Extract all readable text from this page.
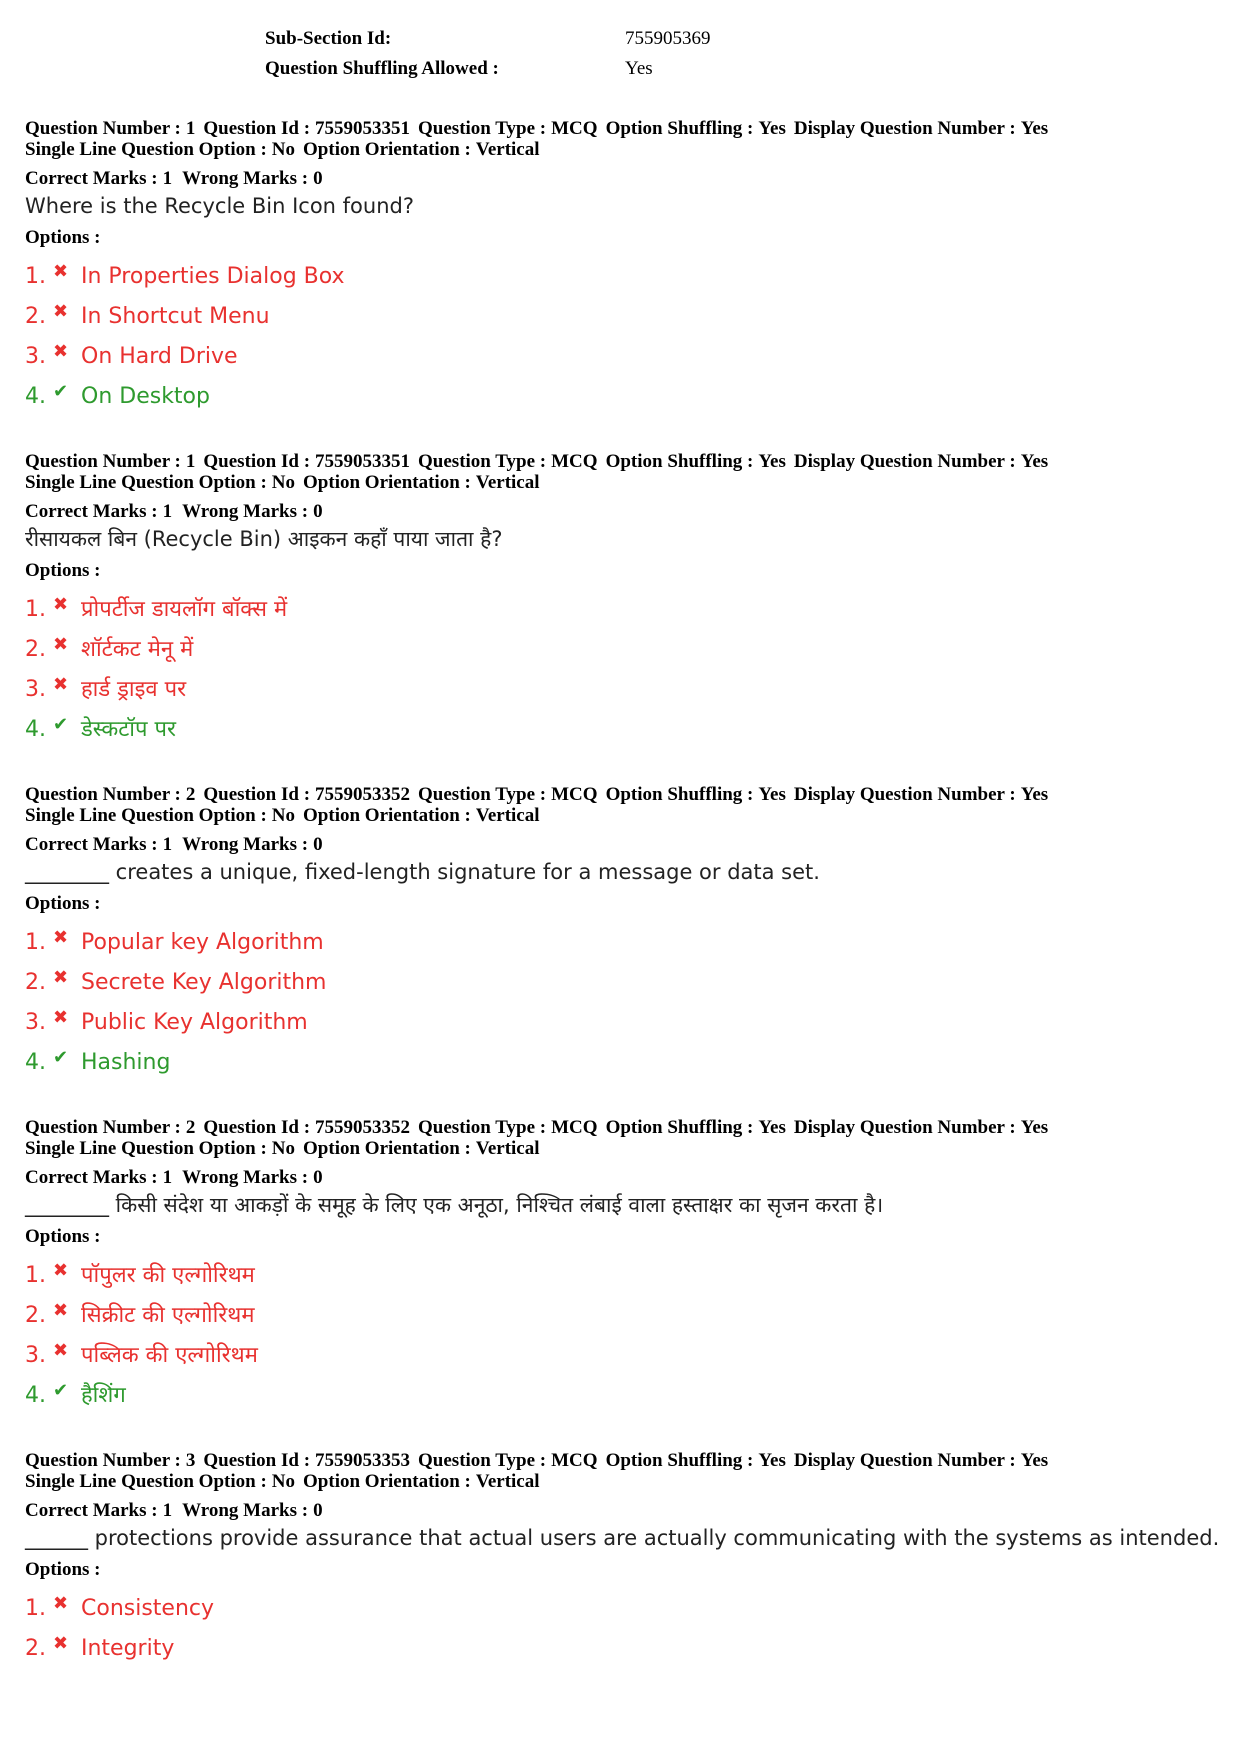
Sub-Section Id:	755905369
Question Shuffling Allowed :	Yes
Question Number : 1 Question Id : 7559053351 Question Type : MCQ Option Shuffling : Yes Display Question Number : Yes
Single Line Question Option : No Option Orientation : Vertical
Correct Marks : 1 Wrong Marks : 0
Where is the Recycle Bin Icon found?
Options :
1. ✖ In Properties Dialog Box
2. ✖ In Shortcut Menu
3. ✖ On Hard Drive
4. ✔ On Desktop
Question Number : 1 Question Id : 7559053351 Question Type : MCQ Option Shuffling : Yes Display Question Number : Yes
Single Line Question Option : No Option Orientation : Vertical
Correct Marks : 1 Wrong Marks : 0
रीसायकल बिन (Recycle Bin) आइकन कहाँ पाया जाता है?
Options :
1. ✖ प्रोपर्टीज डायलॉग बॉक्स में
2. ✖ शॉर्टकट मेनू में
3. ✖ हार्ड ड्राइव पर
4. ✔ डेस्कटॉप पर
Question Number : 2 Question Id : 7559053352 Question Type : MCQ Option Shuffling : Yes Display Question Number : Yes
Single Line Question Option : No Option Orientation : Vertical
Correct Marks : 1 Wrong Marks : 0
________ creates a unique, fixed-length signature for a message or data set.
Options :
1. ✖ Popular key Algorithm
2. ✖ Secrete Key Algorithm
3. ✖ Public Key Algorithm
4. ✔ Hashing
Question Number : 2 Question Id : 7559053352 Question Type : MCQ Option Shuffling : Yes Display Question Number : Yes
Single Line Question Option : No Option Orientation : Vertical
Correct Marks : 1 Wrong Marks : 0
________ किसी संदेश या आकड़ों के समूह के लिए एक अनूठा, निश्चित लंबाई वाला हस्ताक्षर का सृजन करता है।
Options :
1. ✖ पॉपुलर की एल्गोरिथम
2. ✖ सिक्रीट की एल्गोरिथम
3. ✖ पब्लिक की एल्गोरिथम
4. ✔ हैशिंग
Question Number : 3 Question Id : 7559053353 Question Type : MCQ Option Shuffling : Yes Display Question Number : Yes
Single Line Question Option : No Option Orientation : Vertical
Correct Marks : 1 Wrong Marks : 0
______ protections provide assurance that actual users are actually communicating with the systems as intended.
Options :
1. ✖ Consistency
2. ✖ Integrity
